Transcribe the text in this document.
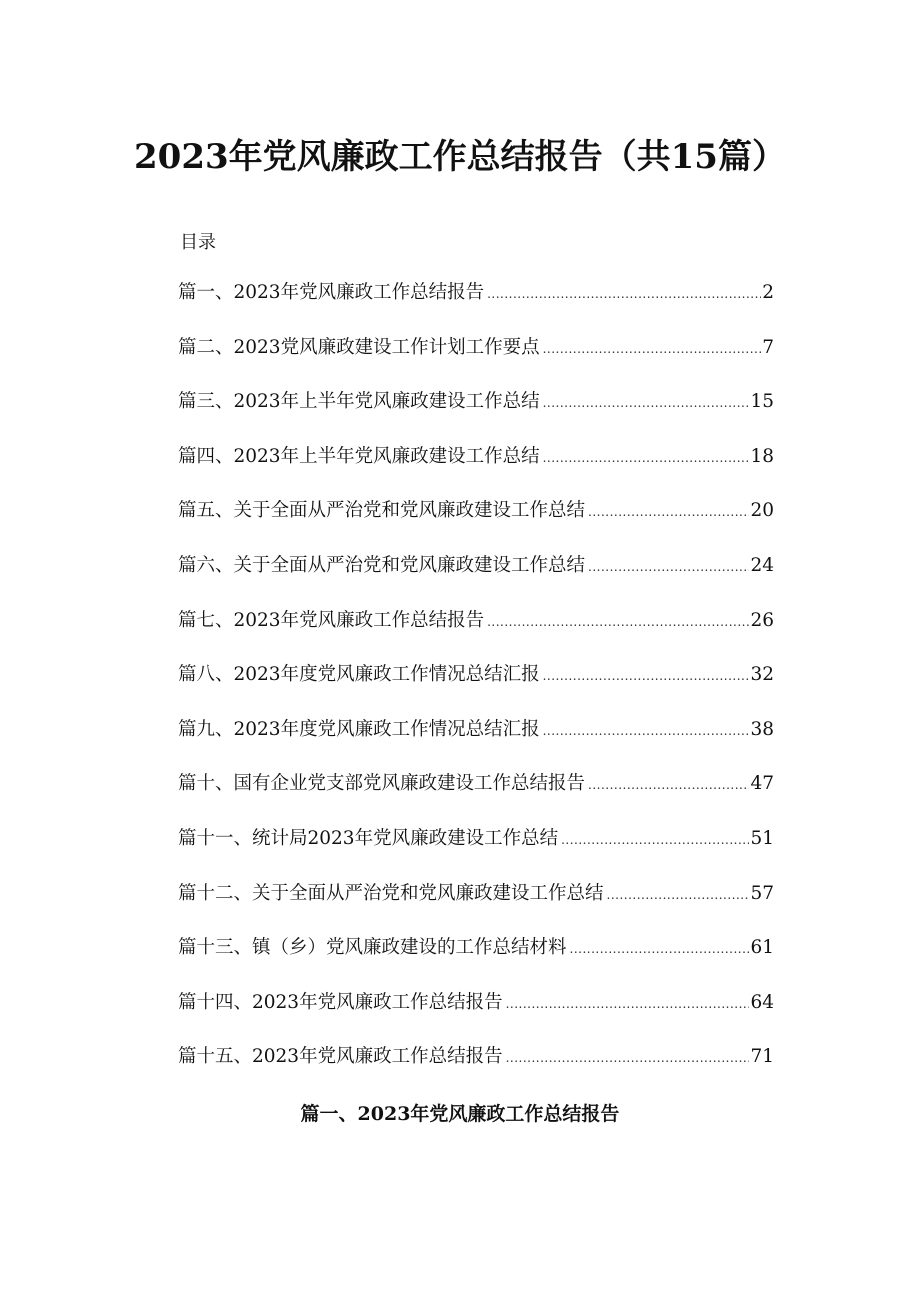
2023年党风廉政工作总结报告（共15篇）
目录
篇一、2023年党风廉政工作总结报告 .....	2
篇二、2023党风廉政建设工作计划工作要点 .....	7
篇三、2023年上半年党风廉政建设工作总结 .....	15
篇四、2023年上半年党风廉政建设工作总结 .....	18
篇五、关于全面从严治党和党风廉政建设工作总结 .....	20
篇六、关于全面从严治党和党风廉政建设工作总结 .....	24
篇七、2023年党风廉政工作总结报告 .....	26
篇八、2023年度党风廉政工作情况总结汇报 .....	32
篇九、2023年度党风廉政工作情况总结汇报 .....	38
篇十、国有企业党支部党风廉政建设工作总结报告 .....	47
篇十一、统计局2023年党风廉政建设工作总结 .....	51
篇十二、关于全面从严治党和党风廉政建设工作总结 .....	57
篇十三、镇（乡）党风廉政建设的工作总结材料 .....	61
篇十四、2023年党风廉政工作总结报告 .....	64
篇十五、2023年党风廉政工作总结报告 .....	71
篇一、2023年党风廉政工作总结报告
